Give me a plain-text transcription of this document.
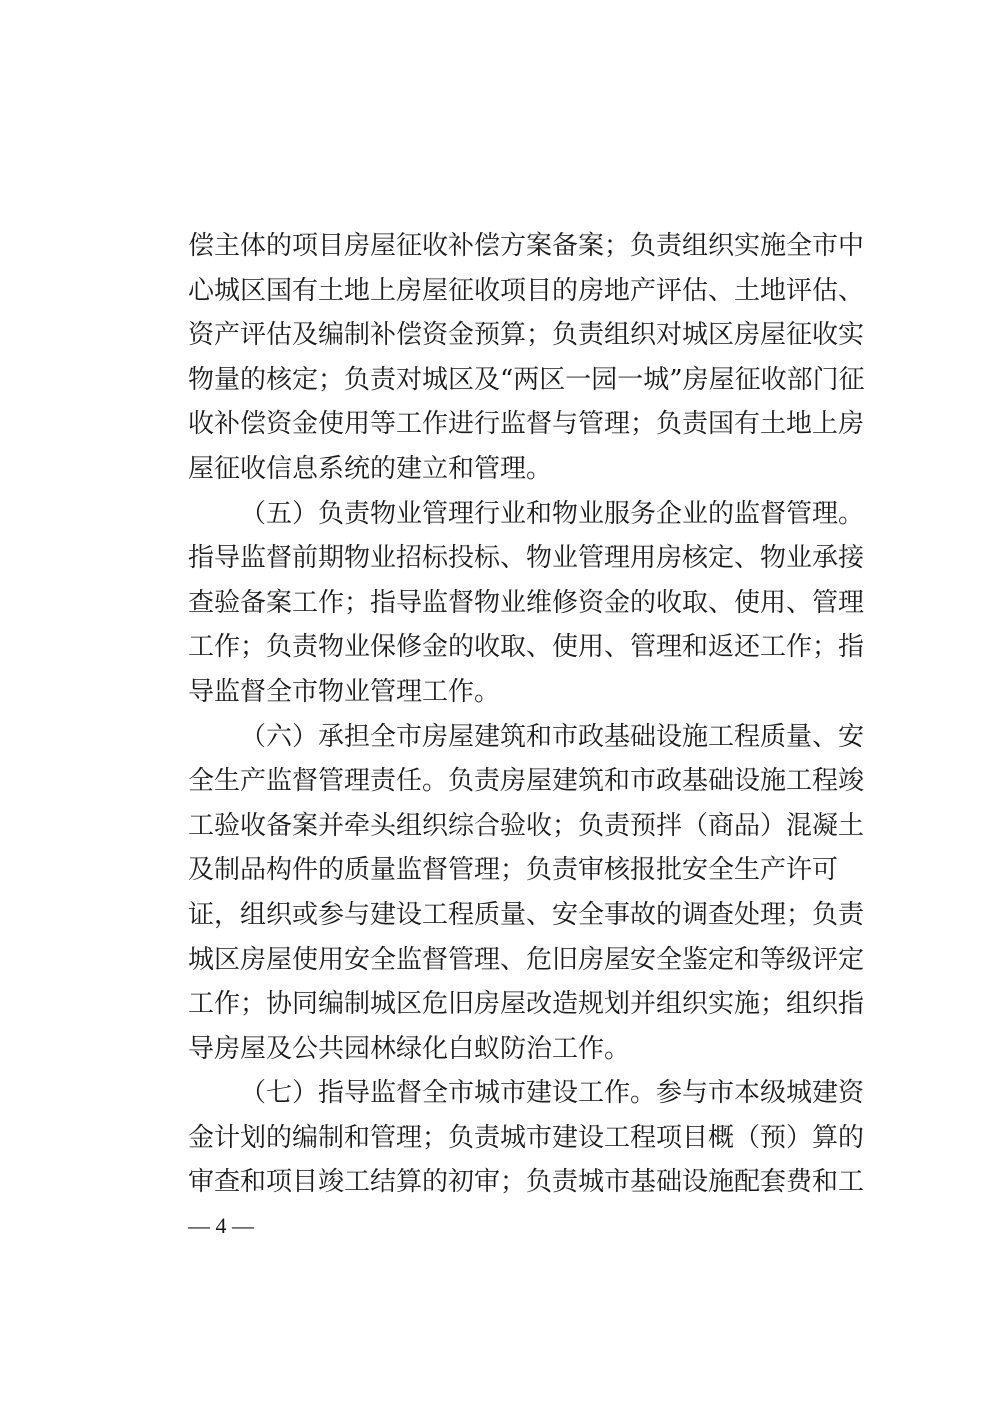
偿主体的项目房屋征收补偿方案备案；负责组织实施全市中
心城区国有土地上房屋征收项目的房地产评估、土地评估、
资产评估及编制补偿资金预算；负责组织对城区房屋征收实
物量的核定；负责对城区及“两区一园一城”房屋征收部门征
收补偿资金使用等工作进行监督与管理；负责国有土地上房
屋征收信息系统的建立和管理。
（五）负责物业管理行业和物业服务企业的监督管理。
指导监督前期物业招标投标、物业管理用房核定、物业承接
查验备案工作；指导监督物业维修资金的收取、使用、管理
工作；负责物业保修金的收取、使用、管理和返还工作；指
导监督全市物业管理工作。
（六）承担全市房屋建筑和市政基础设施工程质量、安
全生产监督管理责任。负责房屋建筑和市政基础设施工程竣
工验收备案并牵头组织综合验收；负责预拌（商品）混凝土
及制品构件的质量监督管理；负责审核报批安全生产许可
证，组织或参与建设工程质量、安全事故的调查处理；负责
城区房屋使用安全监督管理、危旧房屋安全鉴定和等级评定
工作；协同编制城区危旧房屋改造规划并组织实施；组织指
导房屋及公共园林绿化白蚁防治工作。
（七）指导监督全市城市建设工作。参与市本级城建资
金计划的编制和管理；负责城市建设工程项目概（预）算的
审查和项目竣工结算的初审；负责城市基础设施配套费和工
— 4 —
